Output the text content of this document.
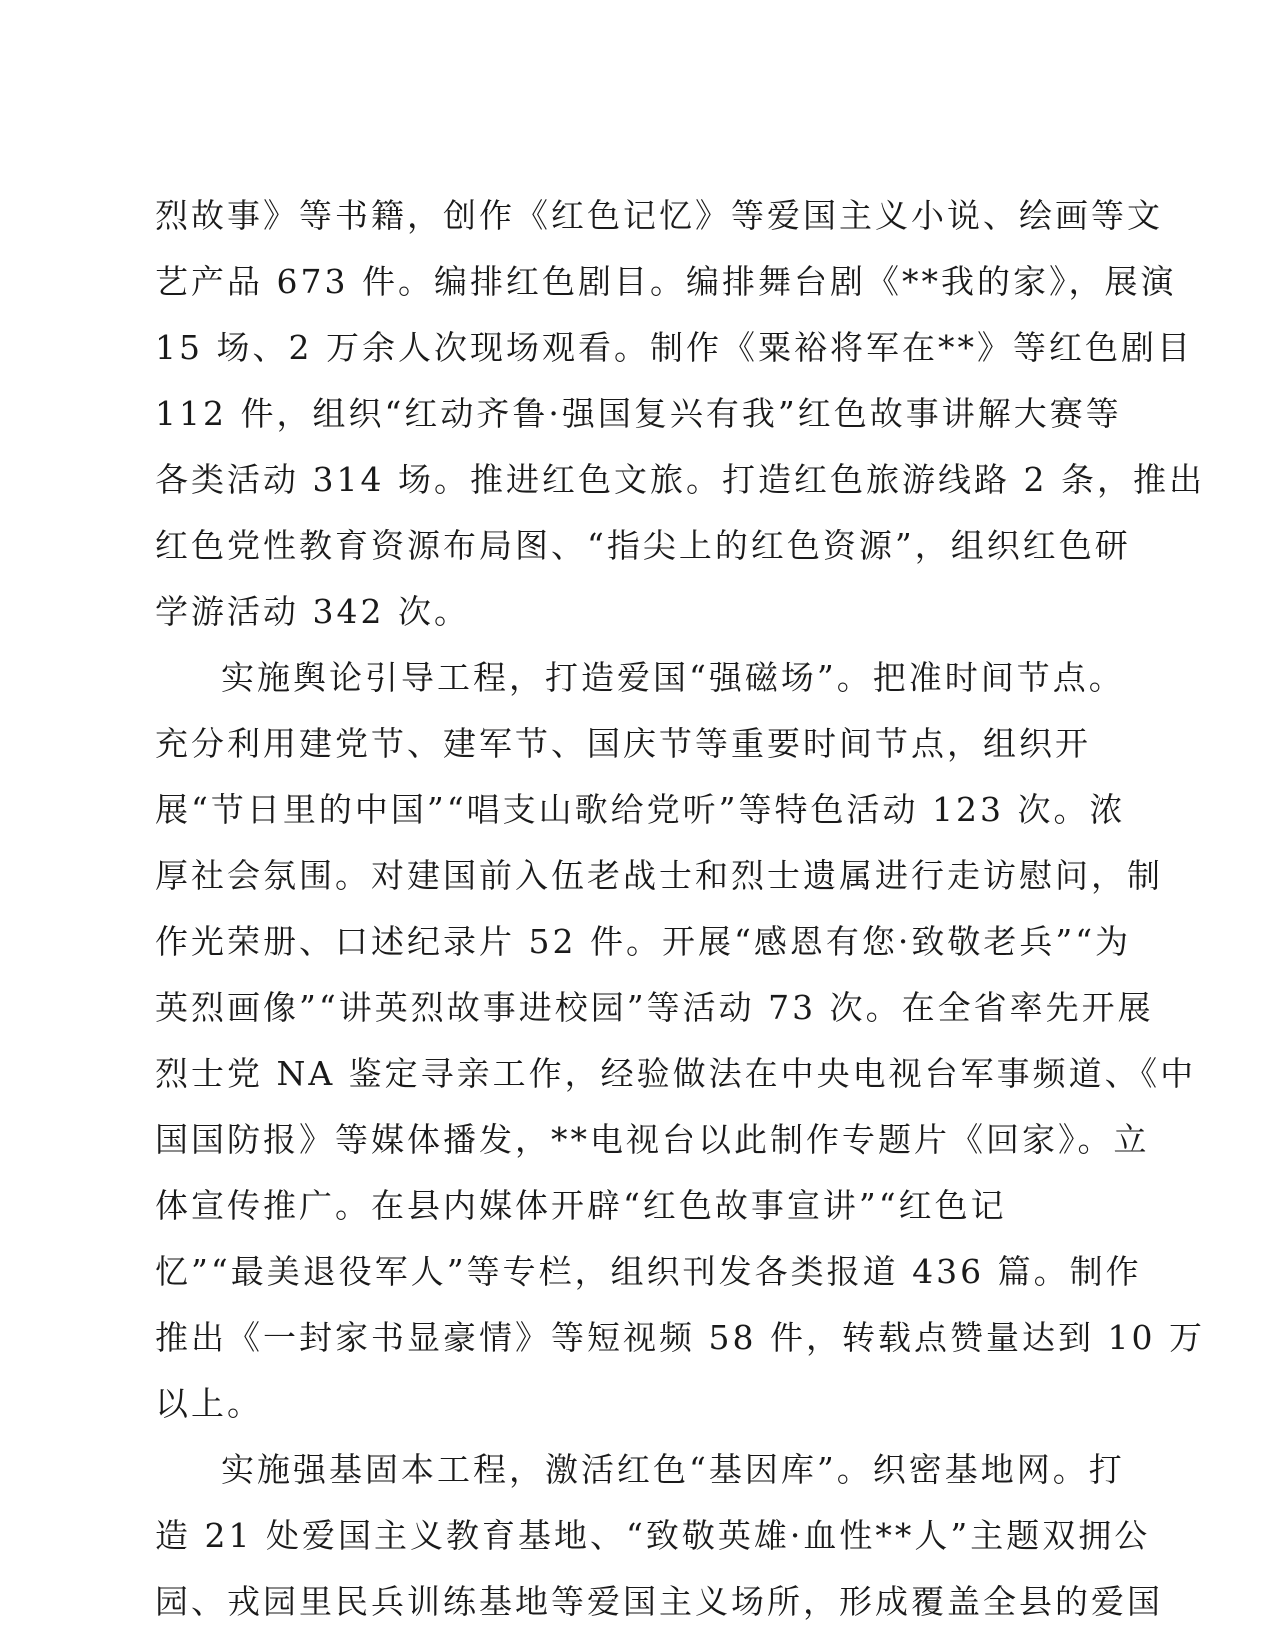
烈故事》等书籍，创作《红色记忆》等爱国主义小说、绘画等文
艺产品 673 件。编排红色剧目。编排舞台剧《**我的家》，展演
15 场、2 万余人次现场观看。制作《粟裕将军在**》等红色剧目
112 件，组织“红动齐鲁·强国复兴有我”红色故事讲解大赛等
各类活动 314 场。推进红色文旅。打造红色旅游线路 2 条，推出
红色党性教育资源布局图、“指尖上的红色资源”，组织红色研
学游活动 342 次。
实施舆论引导工程，打造爱国“强磁场”。把准时间节点。
充分利用建党节、建军节、国庆节等重要时间节点，组织开
展“节日里的中国”“唱支山歌给党听”等特色活动 123 次。浓
厚社会氛围。对建国前入伍老战士和烈士遗属进行走访慰问，制
作光荣册、口述纪录片 52 件。开展“感恩有您·致敬老兵”“为
英烈画像”“讲英烈故事进校园”等活动 73 次。在全省率先开展
烈士党 NA 鉴定寻亲工作，经验做法在中央电视台军事频道、《中
国国防报》等媒体播发，**电视台以此制作专题片《回家》。立
体宣传推广。在县内媒体开辟“红色故事宣讲”“红色记
忆”“最美退役军人”等专栏，组织刊发各类报道 436 篇。制作
推出《一封家书显豪情》等短视频 58 件，转载点赞量达到 10 万
以上。
实施强基固本工程，激活红色“基因库”。织密基地网。打
造 21 处爱国主义教育基地、“致敬英雄·血性**人”主题双拥公
园、戎园里民兵训练基地等爱国主义场所，形成覆盖全县的爱国
